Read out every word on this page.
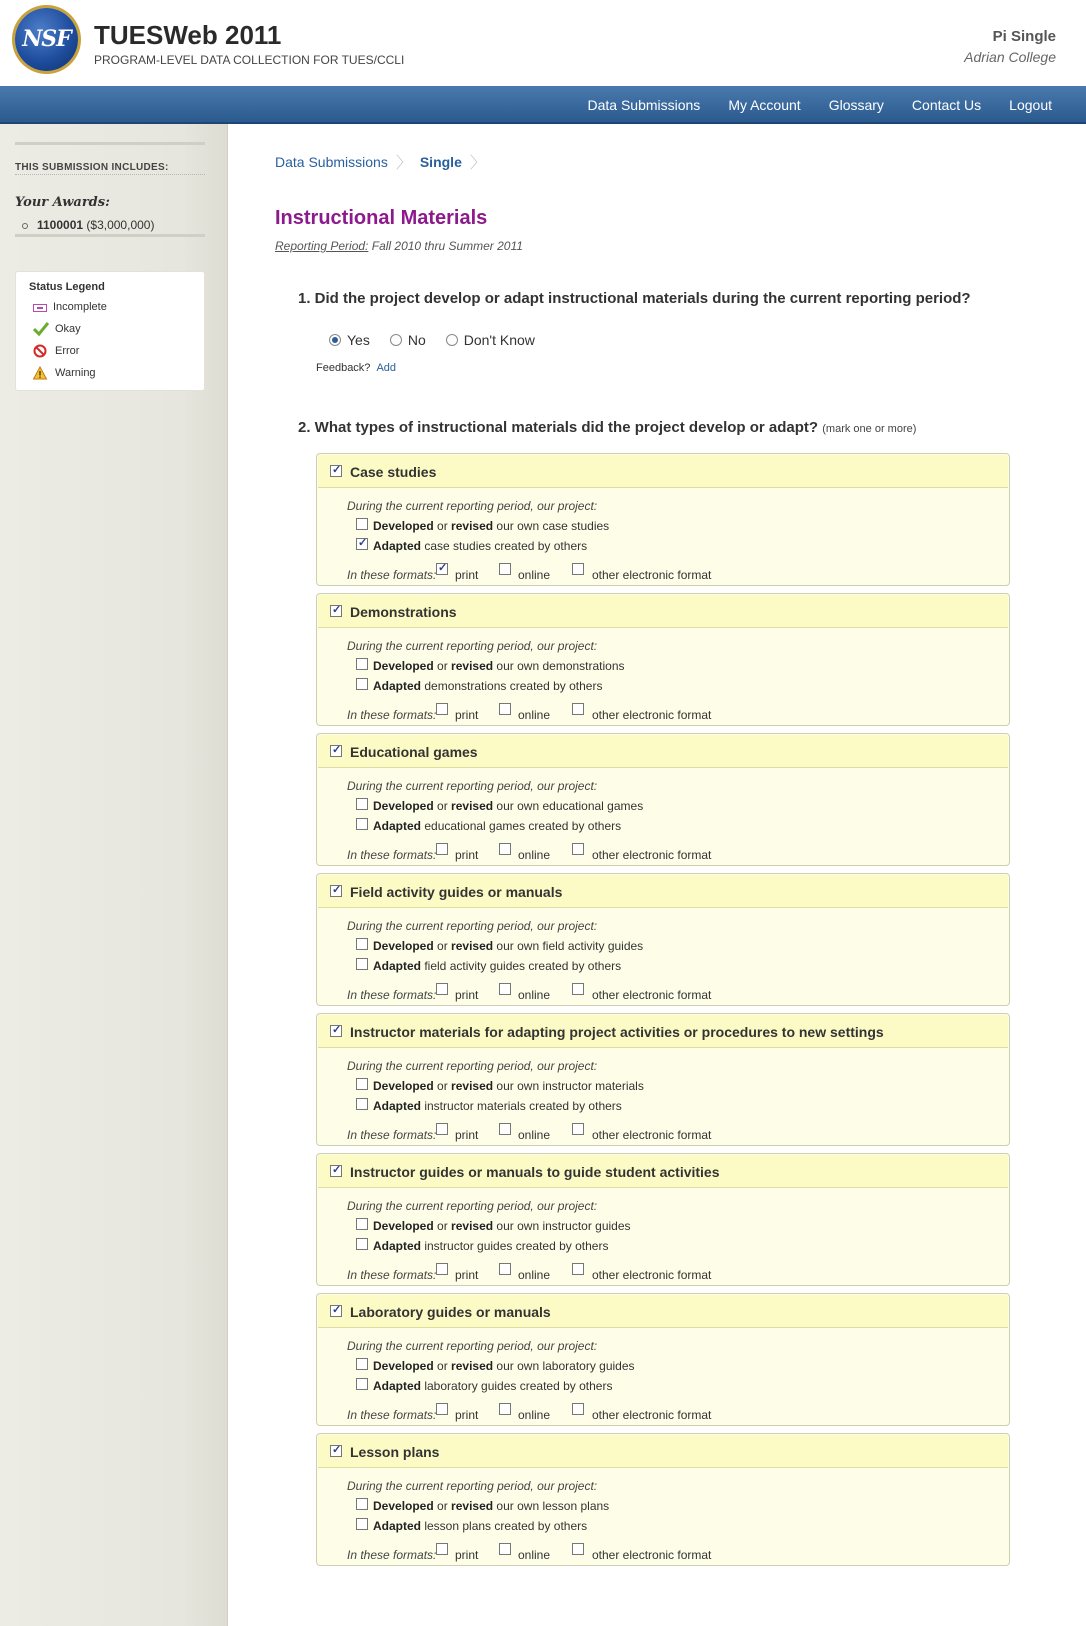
NSF TUESWeb 2011
PROGRAM-LEVEL DATA COLLECTION FOR TUES/CCLI
Pi Single
Adrian College
Data Submissions	My Account	Glossary	Contact Us	Logout
THIS SUBMISSION INCLUDES:
Your Awards:
1100001 ($3,000,000)
Status Legend
Incomplete
Okay
Error
Warning
Data Submissions 〉 Single 〉
Instructional Materials
Reporting Period: Fall 2010 thru Summer 2011
1. Did the project develop or adapt instructional materials during the current reporting period?
Yes	No	Don't Know
Feedback? Add
2. What types of instructional materials did the project develop or adapt? (mark one or more)
✓
Case studies
During the current reporting period, our project:
Developed or revised our own case studies
✓
Adapted case studies created by others
In these formats:
✓ print	online	other electronic format
✓
Demonstrations
During the current reporting period, our project:
Developed or revised our own demonstrations
Adapted demonstrations created by others
In these formats: print	online	other electronic format
✓
Educational games
During the current reporting period, our project:
Developed or revised our own educational games
Adapted educational games created by others
In these formats: print	online	other electronic format
✓
Field activity guides or manuals
During the current reporting period, our project:
Developed or revised our own field activity guides
Adapted field activity guides created by others
In these formats: print	online	other electronic format
✓
Instructor materials for adapting project activities or procedures to new settings
During the current reporting period, our project:
Developed or revised our own instructor materials
Adapted instructor materials created by others
In these formats: print	online	other electronic format
✓
Instructor guides or manuals to guide student activities
During the current reporting period, our project:
Developed or revised our own instructor guides
Adapted instructor guides created by others
In these formats: print	online	other electronic format
✓
Laboratory guides or manuals
During the current reporting period, our project:
Developed or revised our own laboratory guides
Adapted laboratory guides created by others
In these formats: print	online	other electronic format
✓
Lesson plans
During the current reporting period, our project:
Developed or revised our own lesson plans
Adapted lesson plans created by others
In these formats: print	online	other electronic format
